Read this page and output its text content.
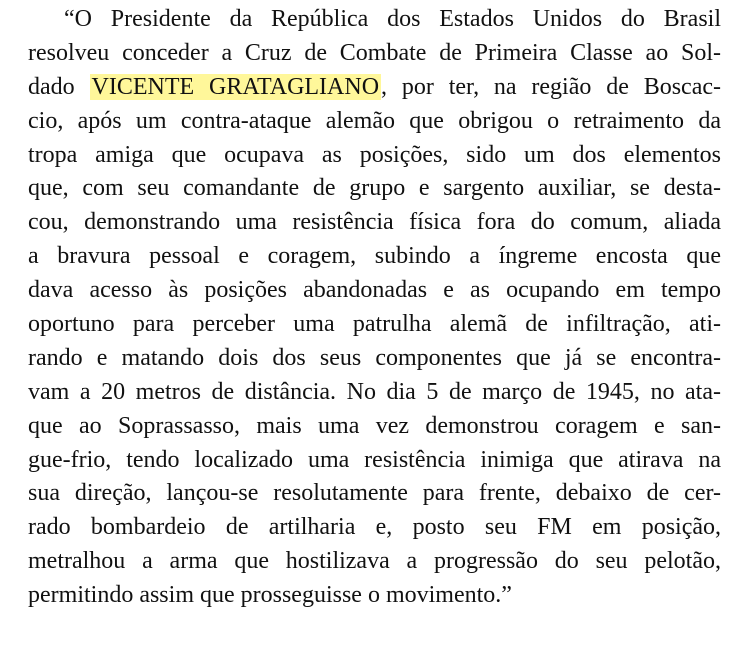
“O Presidente da República dos Estados Unidos do Brasil
resolveu conceder a Cruz de Combate de Primeira Classe ao Sol-
dado VICENTE GRATAGLIANO, por ter, na região de Boscac-
cio, após um contra-ataque alemão que obrigou o retraimento da
tropa amiga que ocupava as posições, sido um dos elementos
que, com seu comandante de grupo e sargento auxiliar, se desta-
cou, demonstrando uma resistência física fora do comum, aliada
a bravura pessoal e coragem, subindo a íngreme encosta que
dava acesso às posições abandonadas e as ocupando em tempo
oportuno para perceber uma patrulha alemã de infiltração, ati-
rando e matando dois dos seus componentes que já se encontra-
vam a 20 metros de distância. No dia 5 de março de 1945, no ata-
que ao Soprassasso, mais uma vez demonstrou coragem e san-
gue-frio, tendo localizado uma resistência inimiga que atirava na
sua direção, lançou-se resolutamente para frente, debaixo de cer-
rado bombardeio de artilharia e, posto seu FM em posição,
metralhou a arma que hostilizava a progressão do seu pelotão,
permitindo assim que prosseguisse o movimento.”
